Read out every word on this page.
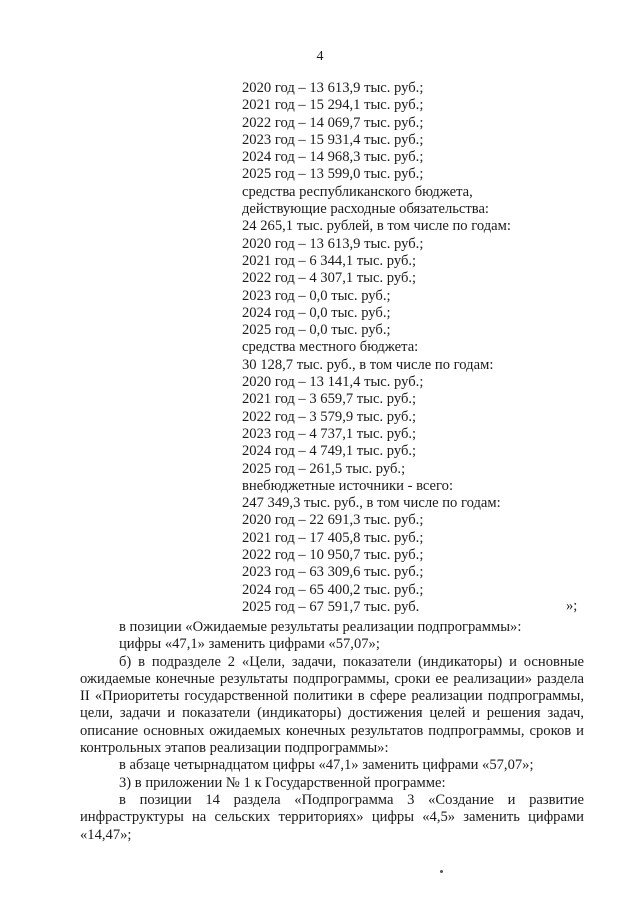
4
2020 год – 13 613,9 тыс. руб.;
2021 год – 15 294,1 тыс. руб.;
2022 год – 14 069,7 тыс. руб.;
2023 год – 15 931,4 тыс. руб.;
2024 год – 14 968,3 тыс. руб.;
2025 год – 13 599,0 тыс. руб.;
средства республиканского бюджета,
действующие расходные обязательства:
24 265,1 тыс. рублей, в том числе по годам:
2020 год – 13 613,9 тыс. руб.;
2021 год – 6 344,1 тыс. руб.;
2022 год – 4 307,1 тыс. руб.;
2023 год – 0,0 тыс. руб.;
2024 год – 0,0 тыс. руб.;
2025 год – 0,0 тыс. руб.;
средства местного бюджета:
30 128,7 тыс. руб., в том числе по годам:
2020 год – 13 141,4 тыс. руб.;
2021 год – 3 659,7 тыс. руб.;
2022 год – 3 579,9 тыс. руб.;
2023 год – 4 737,1 тыс. руб.;
2024 год – 4 749,1 тыс. руб.;
2025 год – 261,5 тыс. руб.;
внебюджетные источники - всего:
247 349,3 тыс. руб., в том числе по годам:
2020 год – 22 691,3 тыс. руб.;
2021 год – 17 405,8 тыс. руб.;
2022 год – 10 950,7 тыс. руб.;
2023 год – 63 309,6 тыс. руб.;
2024 год – 65 400,2 тыс. руб.;
2025 год – 67 591,7 тыс. руб.	»;

в позиции «Ожидаемые результаты реализации подпрограммы»:

цифры «47,1» заменить цифрами «57,07»;

б) в подразделе 2 «Цели, задачи, показатели (индикаторы) и основные ожидаемые конечные результаты подпрограммы, сроки ее реализации» раздела II «Приоритеты государственной политики в сфере реализации подпрограммы, цели, задачи и показатели (индикаторы) достижения целей и решения задач, описание основных ожидаемых конечных результатов подпрограммы, сроков и контрольных этапов реализации подпрограммы»:

в абзаце четырнадцатом цифры «47,1» заменить цифрами «57,07»;

3) в приложении № 1 к Государственной программе:

в позиции 14 раздела «Подпрограмма 3 «Создание и развитие инфраструктуры на сельских территориях» цифры «4,5» заменить цифрами «14,47»;
